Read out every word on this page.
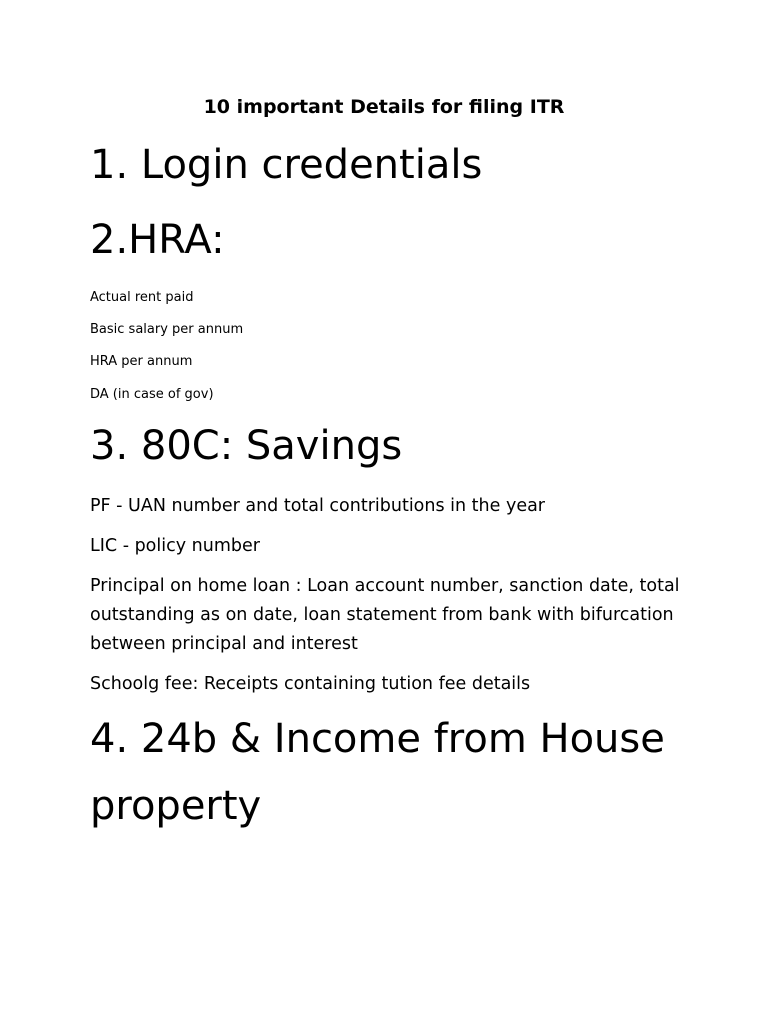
10 important Details for filing ITR
1. Login credentials
2.HRA:

Actual rent paid

Basic salary per annum

HRA per annum

DA (in case of gov)

3. 80C: Savings

PF - UAN number and total contributions in the year

LIC - policy number

Principal on home loan : Loan account number, sanction date, total outstanding as on date, loan statement from bank with bifurcation between principal and interest

Schoolg fee: Receipts containing tution fee details

4. 24b & Income from House property
